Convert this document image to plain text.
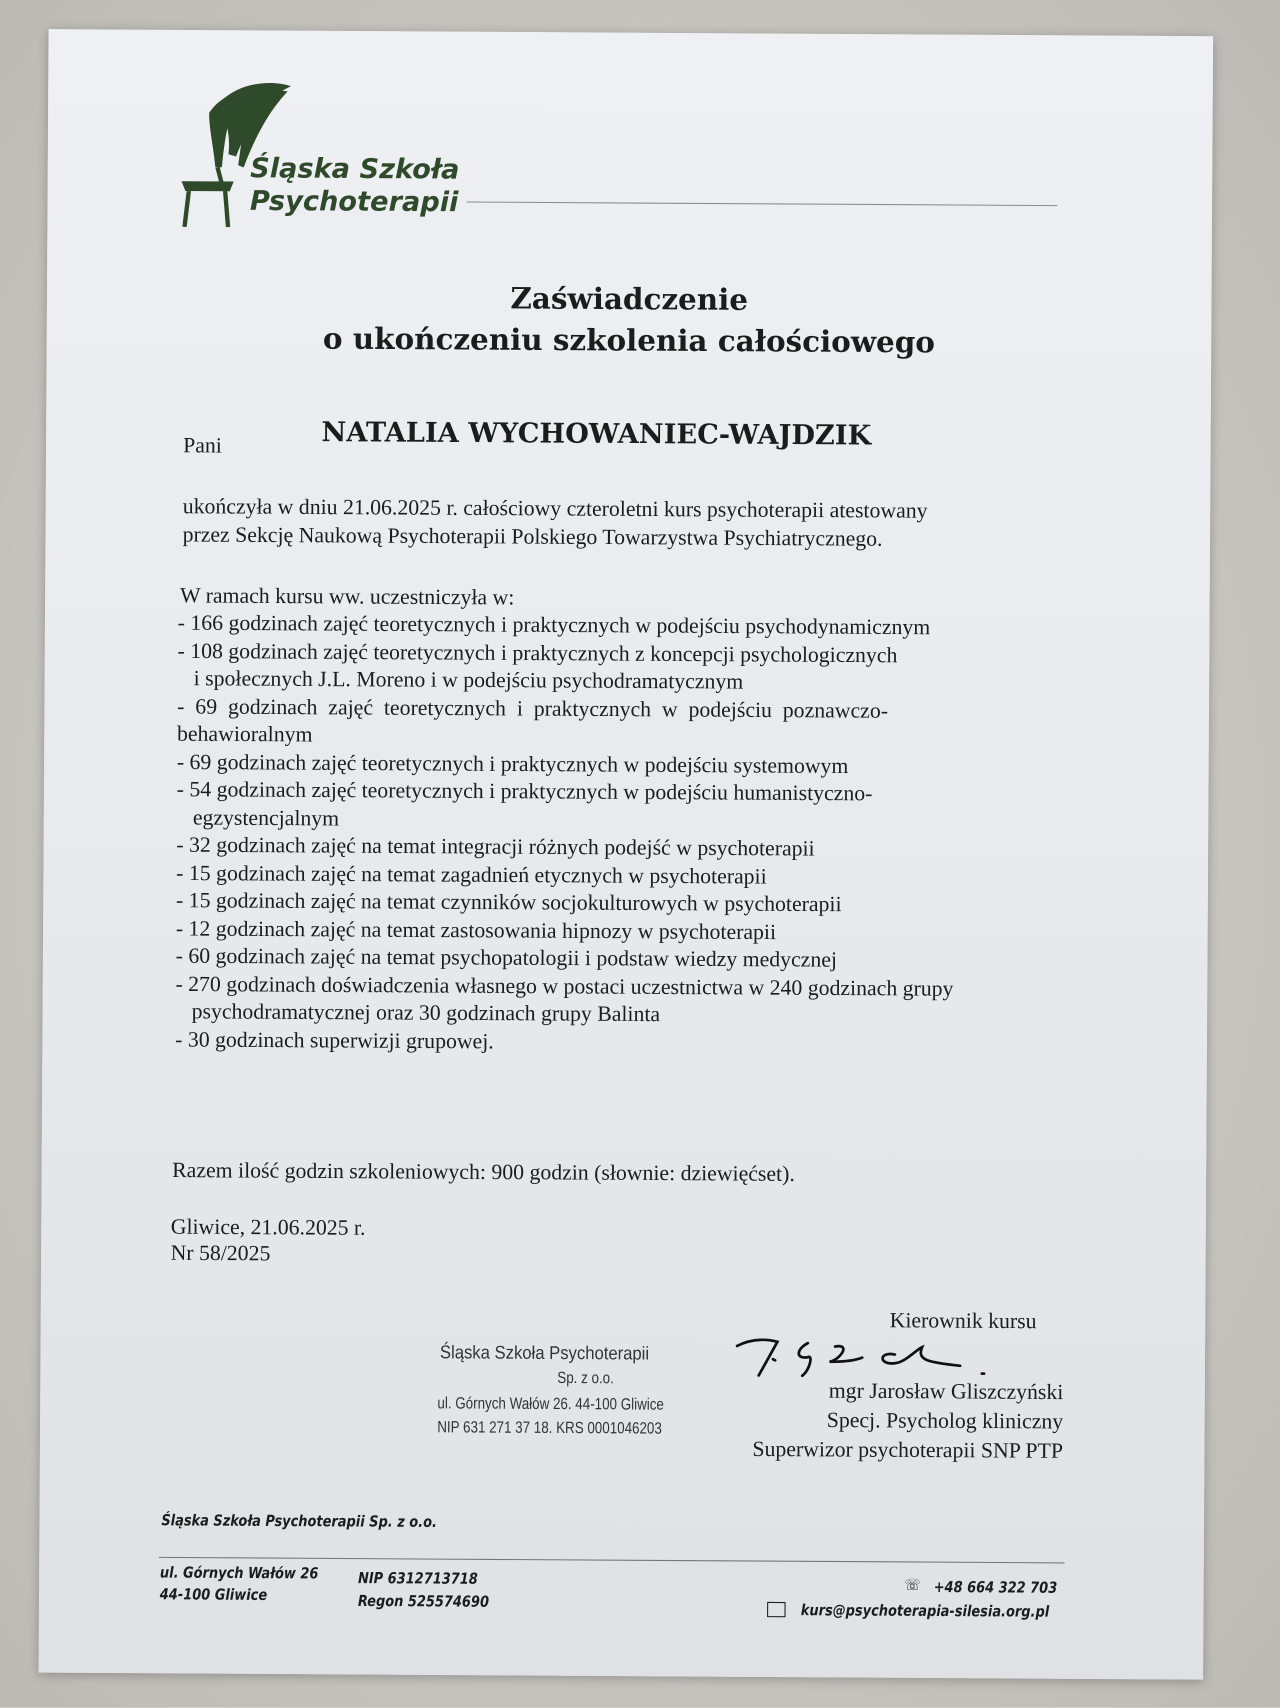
Śląska Szkoła
Psychoterapii
Zaświadczenie
o ukończeniu szkolenia całościowego
Pani	NATALIA WYCHOWANIEC-WAJDZIK
ukończyła w dniu 21.06.2025 r. całościowy czteroletni kurs psychoterapii atestowany
przez Sekcję Naukową Psychoterapii Polskiego Towarzystwa Psychiatrycznego.
W ramach kursu ww. uczestniczyła w:
- 166 godzinach zajęć teoretycznych i praktycznych w podejściu psychodynamicznym
- 108 godzinach zajęć teoretycznych i praktycznych z koncepcji psychologicznych
i społecznych J.L. Moreno i w podejściu psychodramatycznym
-  69  godzinach  zajęć  teoretycznych  i  praktycznych  w  podejściu  poznawczo-
behawioralnym
- 69 godzinach zajęć teoretycznych i praktycznych w podejściu systemowym
- 54 godzinach zajęć teoretycznych i praktycznych w podejściu humanistyczno-
egzystencjalnym
- 32 godzinach zajęć na temat integracji różnych podejść w psychoterapii
- 15 godzinach zajęć na temat zagadnień etycznych w psychoterapii
- 15 godzinach zajęć na temat czynników socjokulturowych w psychoterapii
- 12 godzinach zajęć na temat zastosowania hipnozy w psychoterapii
- 60 godzinach zajęć na temat psychopatologii i podstaw wiedzy medycznej
- 270 godzinach doświadczenia własnego w postaci uczestnictwa w 240 godzinach grupy
psychodramatycznej oraz 30 godzinach grupy Balinta
- 30 godzinach superwizji grupowej.
Razem ilość godzin szkoleniowych: 900 godzin (słownie: dziewięćset).
Gliwice, 21.06.2025 r.
Nr 58/2025
Kierownik kursu
Śląska Szkoła Psychoterapii
Sp. z o.o.
ul. Górnych Wałów 26. 44-100 Gliwice
NIP 631 271 37 18. KRS 0001046203
mgr Jarosław Gliszczyński
Specj. Psycholog kliniczny
Superwizor psychoterapii SNP PTP
Śląska Szkoła Psychoterapii Sp. z o.o.
ul. Górnych Wałów 26
44-100 Gliwice
NIP 6312713718
Regon 525574690
☏ +48 664 322 703
kurs@psychoterapia-silesia.org.pl
